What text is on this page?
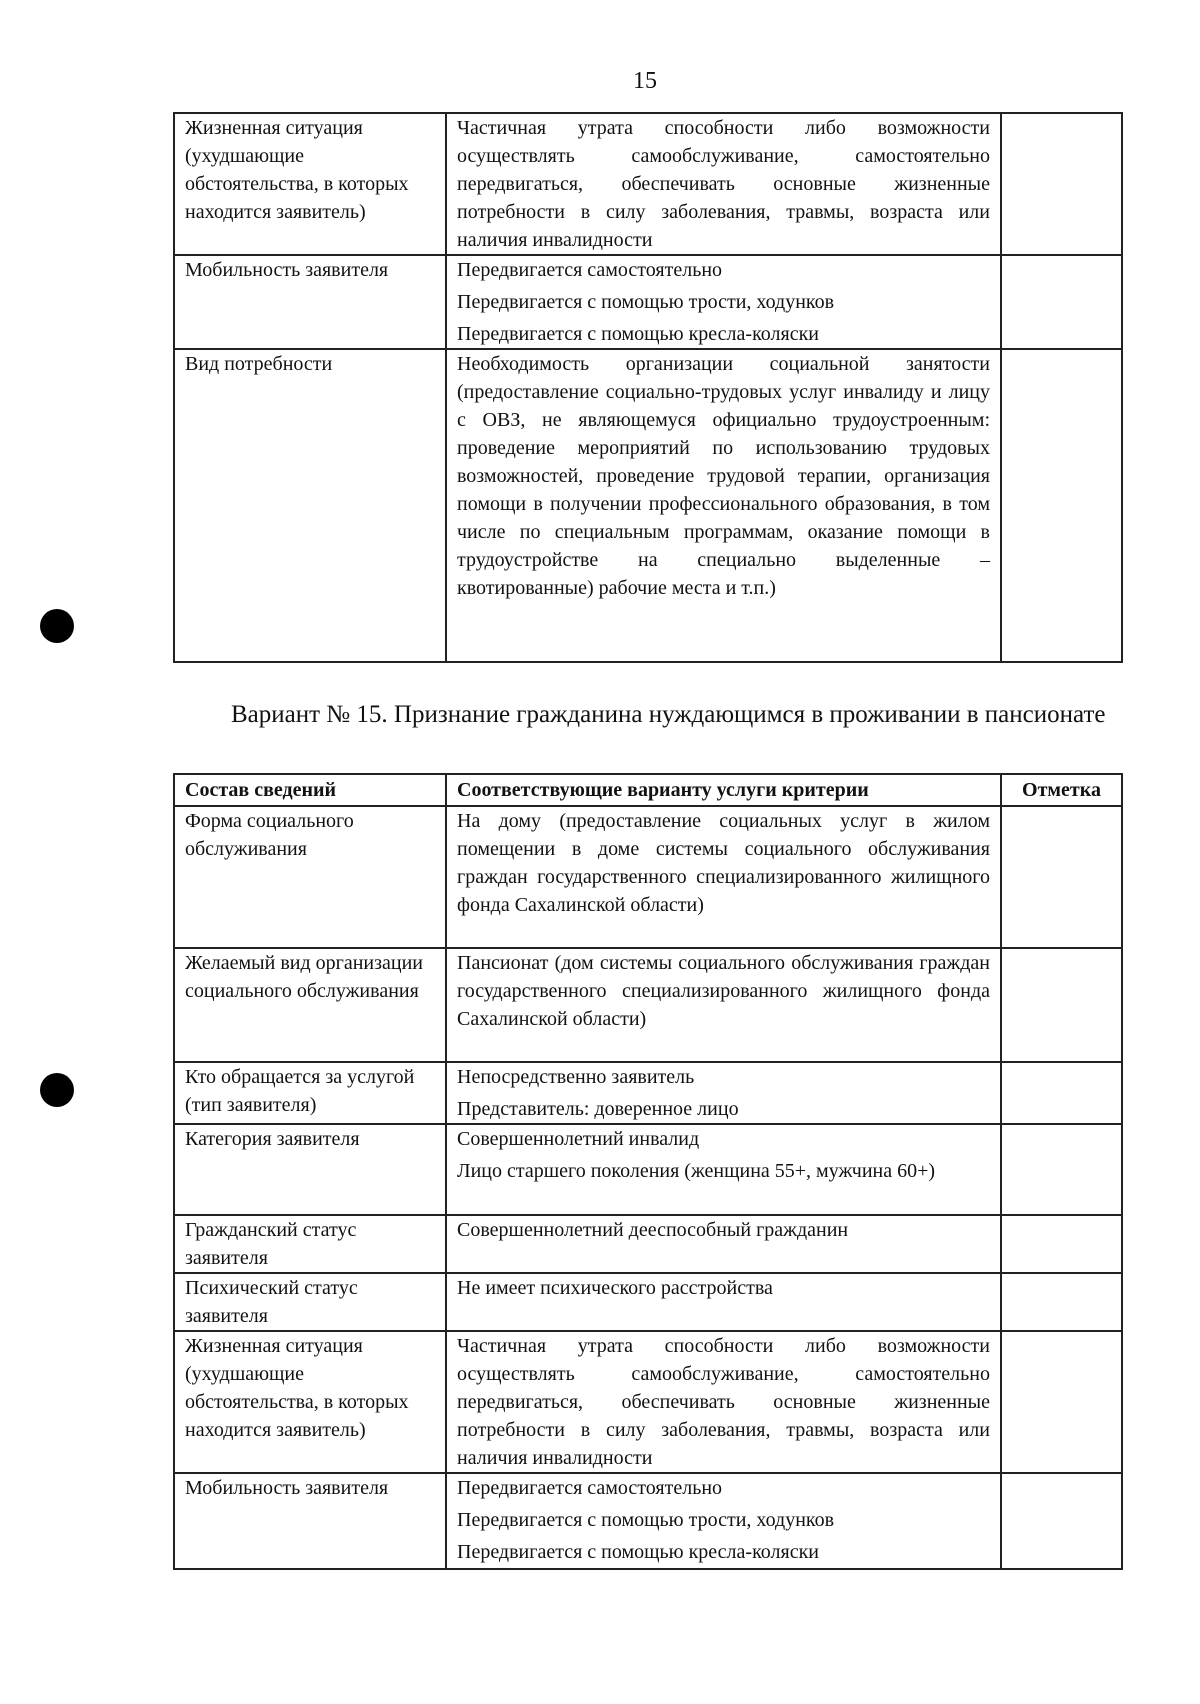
15
Жизненная ситуация (ухудшающие обстоятельства, в которых находится заявитель)	Частичная утрата способности либо возможности осуществлять самообслуживание, самостоятельно передвигаться, обеспечивать основные жизненные потребности в силу заболевания, травмы, возраста или наличия инвалидности	

Мобильность заявителя	Передвигается самостоятельно

Передвигается с помощью трости, ходунков

Передвигается с помощью кресла-коляски	

Вид потребности	Необходимость организации социальной занятости (предоставление социально-трудовых услуг инвалиду и лицу с ОВЗ, не являющемуся официально трудоустроенным: проведение мероприятий по использованию трудовых возможностей, проведение трудовой терапии, организация помощи в получении профессионального образования, в том числе по специальным программам, оказание помощи в трудоустройстве на специально выделенные – квотированные) рабочие места и т.п.)	

Вариант № 15. Признание гражданина нуждающимся в проживании в пансионате
Состав сведений	Соответствующие варианту услуги критерии	Отметка
Форма социального обслуживания	На дому (предоставление социальных услуг в жилом помещении в доме системы социального обслуживания граждан государственного специализированного жилищного фонда Сахалинской области)	

Желаемый вид организации социального обслуживания	Пансионат (дом системы социального обслуживания граждан государственного специализированного жилищного фонда Сахалинской области)	

Кто обращается за услугой (тип заявителя)	Непосредственно заявитель

Представитель: доверенное лицо	

Категория заявителя	Совершеннолетний инвалид

Лицо старшего поколения (женщина 55+, мужчина 60+)	

Гражданский статус заявителя	Совершеннолетний дееспособный гражданин	

Психический статус заявителя	Не имеет психического расстройства	

Жизненная ситуация (ухудшающие обстоятельства, в которых находится заявитель)	Частичная утрата способности либо возможности осуществлять самообслуживание, самостоятельно передвигаться, обеспечивать основные жизненные потребности в силу заболевания, травмы, возраста или наличия инвалидности	

Мобильность заявителя	Передвигается самостоятельно

Передвигается с помощью трости, ходунков

Передвигается с помощью кресла-коляски	
